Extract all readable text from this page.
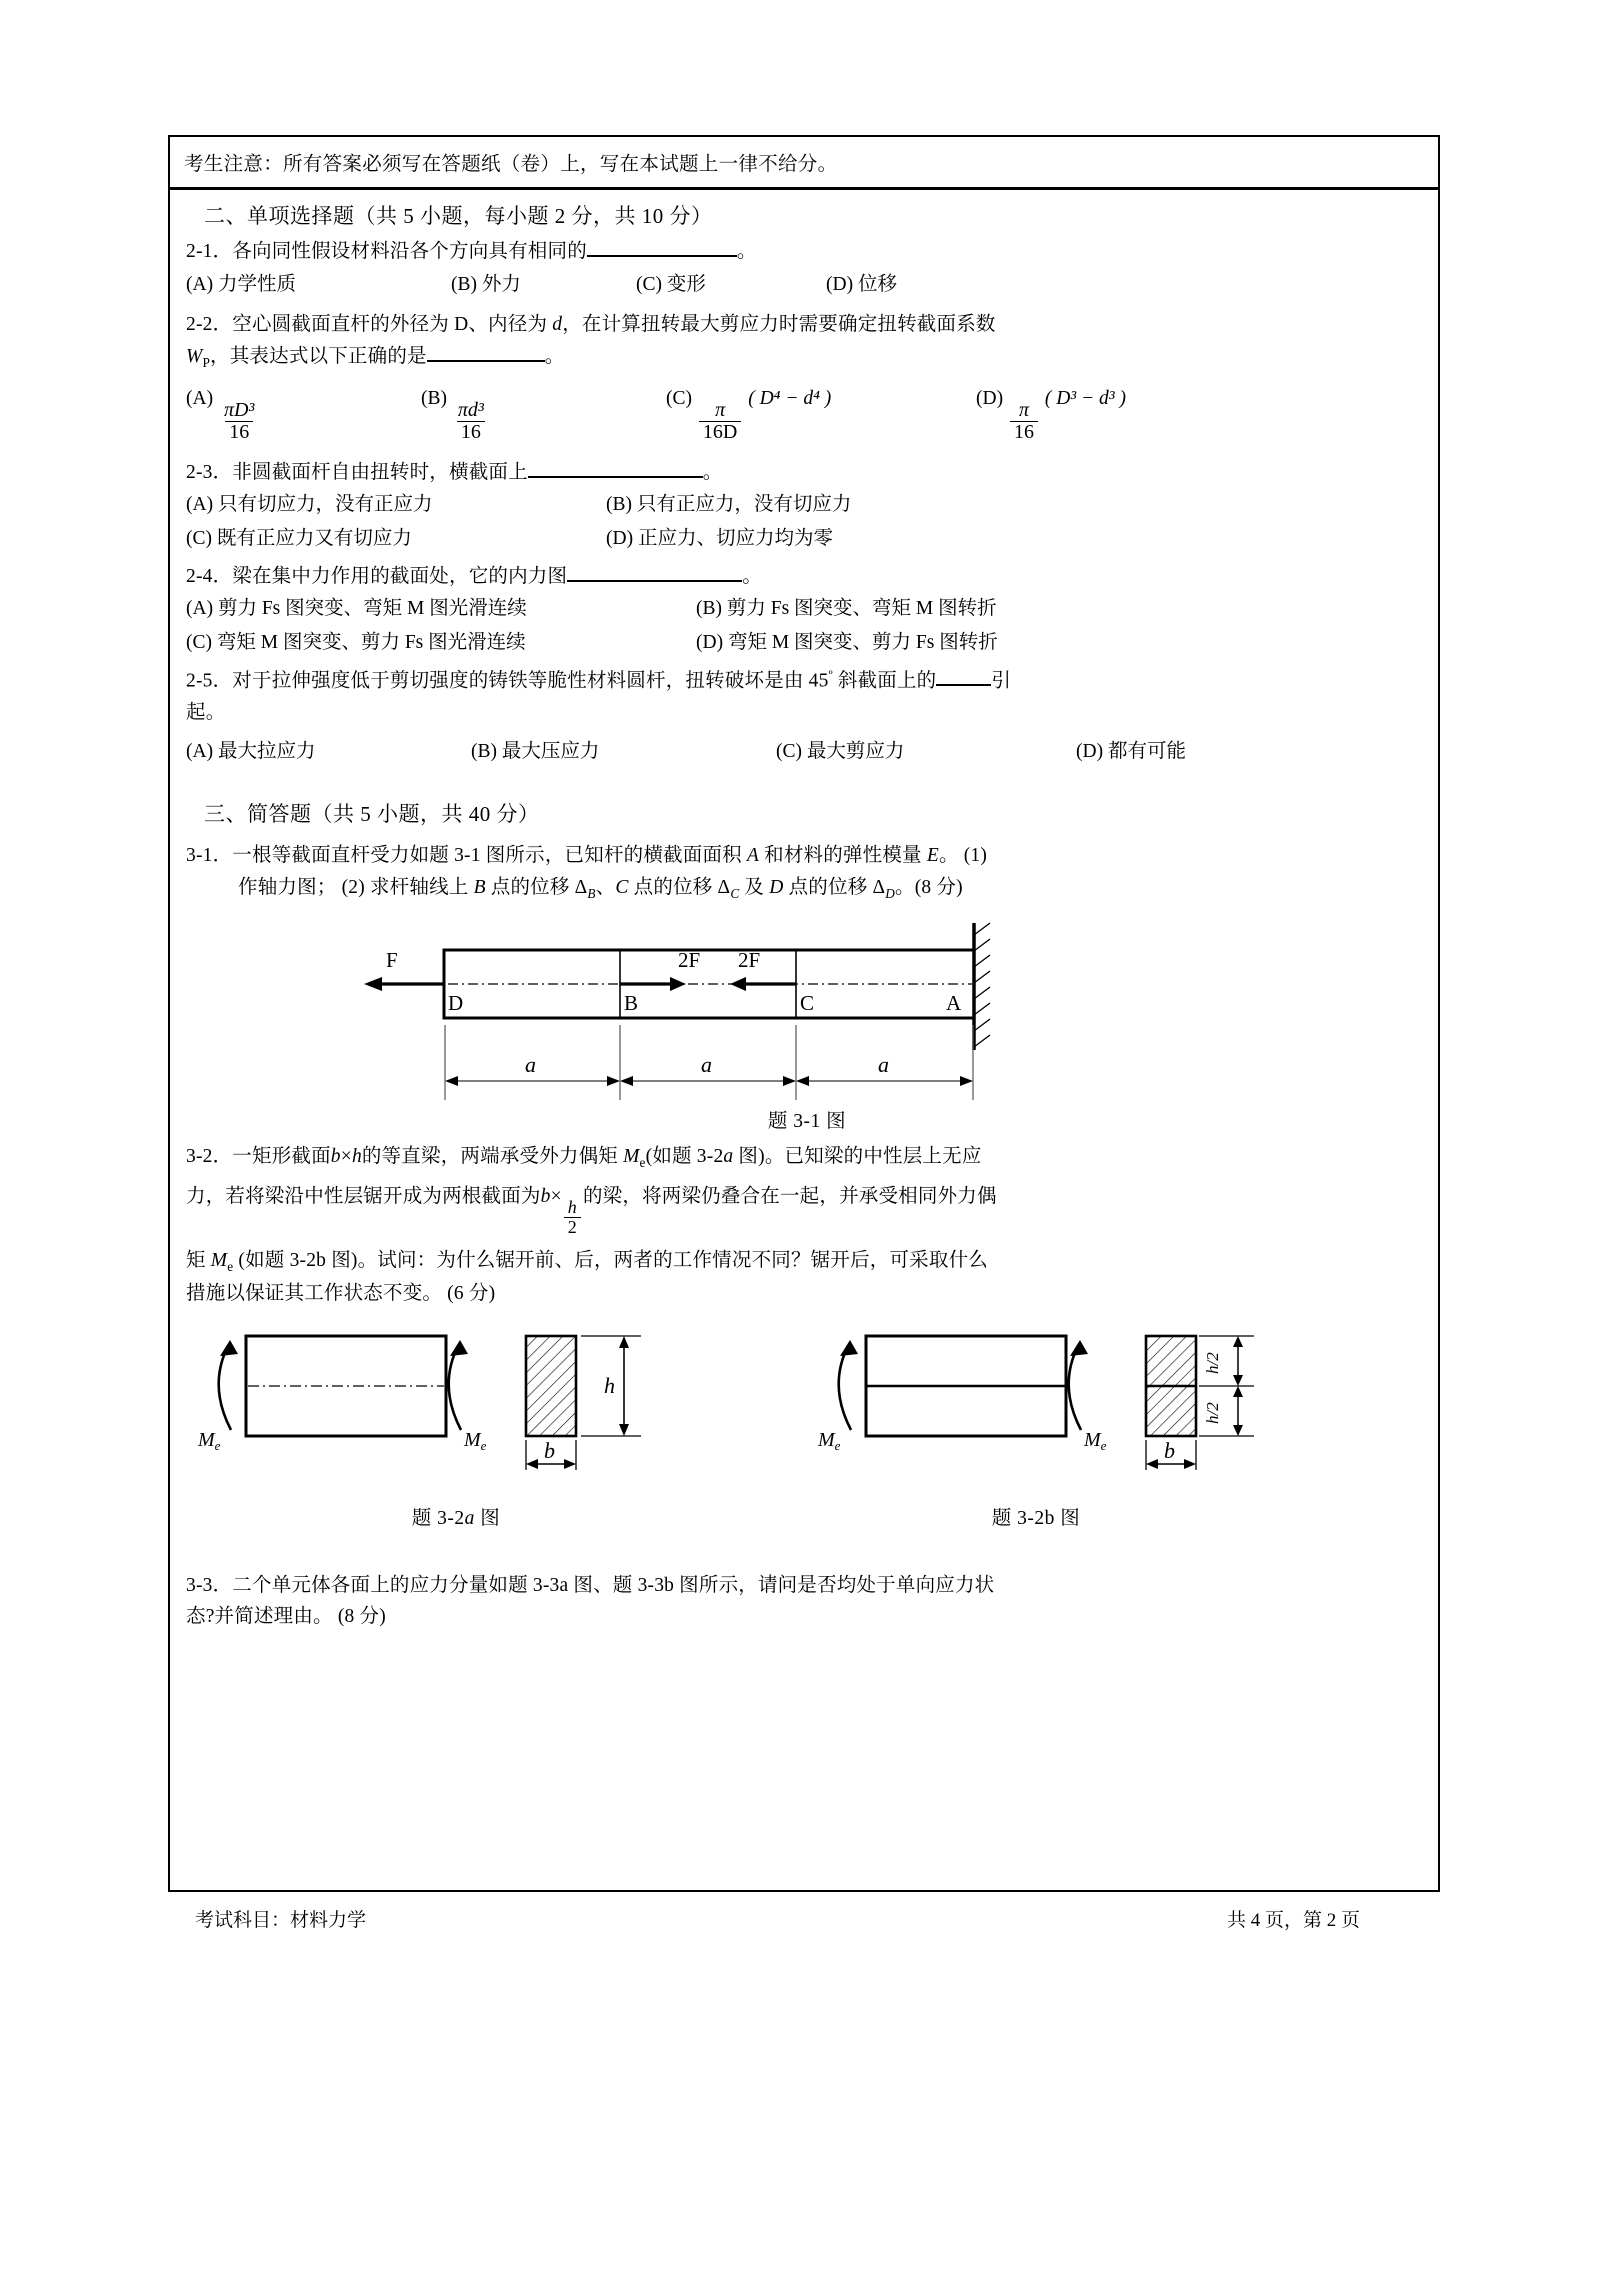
考生注意：所有答案必须写在答题纸（卷）上，写在本试题上一律不给分。
二、单项选择题（共 5 小题，每小题 2 分，共 10 分）
2-1．各向同性假设材料沿各个方向具有相同的	。
(A) 力学性质	(B) 外力	(C) 变形	(D) 位移
2-2．空心圆截面直杆的外径为 D、内径为 d，在计算扭转最大剪应力时需要确定扭转截面系数
$W_P$，其表达式以下正确的是	。
(A)
$\frac{\text{πD³}}{16}$
(B)
$\frac{\text{πd³}}{16}$
(C)
$\frac{\pi}{16D}$
( D⁴ − d⁴ )	(D)
$\frac{\pi}{16}$
( D³ − d³ )
2-3．非圆截面杆自由扭转时，横截面上	。
(A) 只有切应力，没有正应力	(B) 只有正应力，没有切应力
(C) 既有正应力又有切应力	(D) 正应力、切应力均为零
2-4．梁在集中力作用的截面处，它的内力图	。
(A) 剪力 Fs 图突变、弯矩 M 图光滑连续	(B) 剪力 Fs 图突变、弯矩 M 图转折
(C) 弯矩 M 图突变、剪力 Fs 图光滑连续	(D) 弯矩 M 图突变、剪力 Fs 图转折
2-5．对于拉伸强度低于剪切强度的铸铁等脆性材料圆杆，扭转破坏是由 $45^º$ 斜截面上的	引
起。
(A) 最大拉应力	(B) 最大压应力	(C) 最大剪应力	(D) 都有可能
三、简答题（共 5 小题，共 40 分）
3-1．一根等截面直杆受力如题 3-1 图所示，已知杆的横截面面积 A 和材料的弹性模量 E。 (1)
作轴力图； (2) 求杆轴线上 B 点的位移 $\Delta_B$、C 点的位移 $\Delta_C$ 及 D 点的位移 $\Delta_D$。(8 分)
F	2F 2F
D	B	C	A
a	a	a
题 3-1 图
3-2．一矩形截面b×h的等直梁，两端承受外力偶矩 $M_e$(如题 3-2a 图)。已知梁的中性层上无应
力，若将梁沿中性层锯开成为两根截面为b×
$\frac{h}{2}$
的梁，将两梁仍叠合在一起，并承受相同外力偶
矩 $M_e$ (如题 3-2b 图)。试问：为什么锯开前、后，两者的工作情况不同？锯开后，可采取什么
措施以保证其工作状态不变。 (6 分)
$M_e$	$M_e$
h
b	$M_e$	$M_e$
h/2
h/2
b
题 3-2a 图	题 3-2b 图
3-3．二个单元体各面上的应力分量如题 3-3a 图、题 3-3b 图所示，请问是否均处于单向应力状
态?并简述理由。 (8 分)
考试科目：材料力学	共 4 页，第 2 页
